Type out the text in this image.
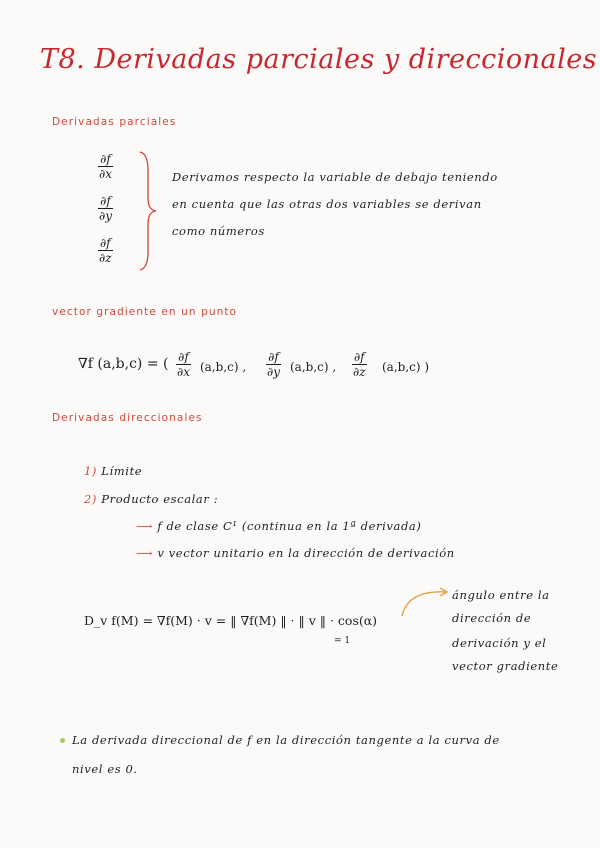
T8. Derivadas parciales y direccionales
Derivadas parciales
∂f
∂x
∂f
∂y
∂f
∂z
Derivamos respecto la variable de debajo teniendo
en cuenta que las otras dos variables se derivan
como números
vector gradiente en un punto
∇f (a,b,c) = ( ∂f
∂x (a,b,c) ,
∂f
∂y (a,b,c) ,
∂f
∂z (a,b,c) )
Derivadas direccionales
1) Límite
2) Producto escalar :
⟶ f de clase C¹ (continua en la 1ª derivada)
⟶ v vector unitario en la dirección de derivación
D_v f(M) = ∇f(M) · v = ‖ ∇f(M) ‖ · ‖ v ‖ · cos(α)
= 1
ángulo entre la
dirección de
derivación y el
vector gradiente
La derivada direccional de f en la dirección tangente a la curva de
nivel es 0.
